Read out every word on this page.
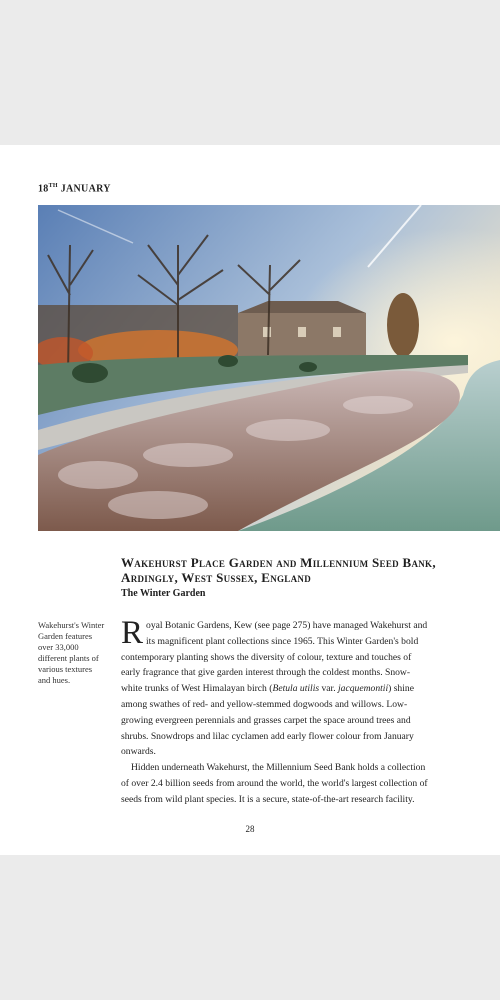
18TH JANUARY
Wakehurst Place Garden and Millennium Seed Bank, Ardingly, West Sussex, England
The Winter Garden
Wakehurst's Winter Garden features over 33,000 different plants of various textures and hues.

Royal Botanic Gardens, Kew (see page 275) have managed Wakehurst and its magnificent plant collections since 1965. This Winter Garden's bold contemporary planting shows the diversity of colour, texture and touches of early fragrance that give garden interest through the coldest months. Snow-white trunks of West Himalayan birch (Betula utilis var. jacquemontii) shine among swathes of red- and yellow-stemmed dogwoods and willows. Low-growing evergreen perennials and grasses carpet the space around trees and shrubs. Snowdrops and lilac cyclamen add early flower colour from January onwards.

Hidden underneath Wakehurst, the Millennium Seed Bank holds a collection of over 2.4 billion seeds from around the world, the world's largest collection of seeds from wild plant species. It is a secure, state-of-the-art research facility.

28
